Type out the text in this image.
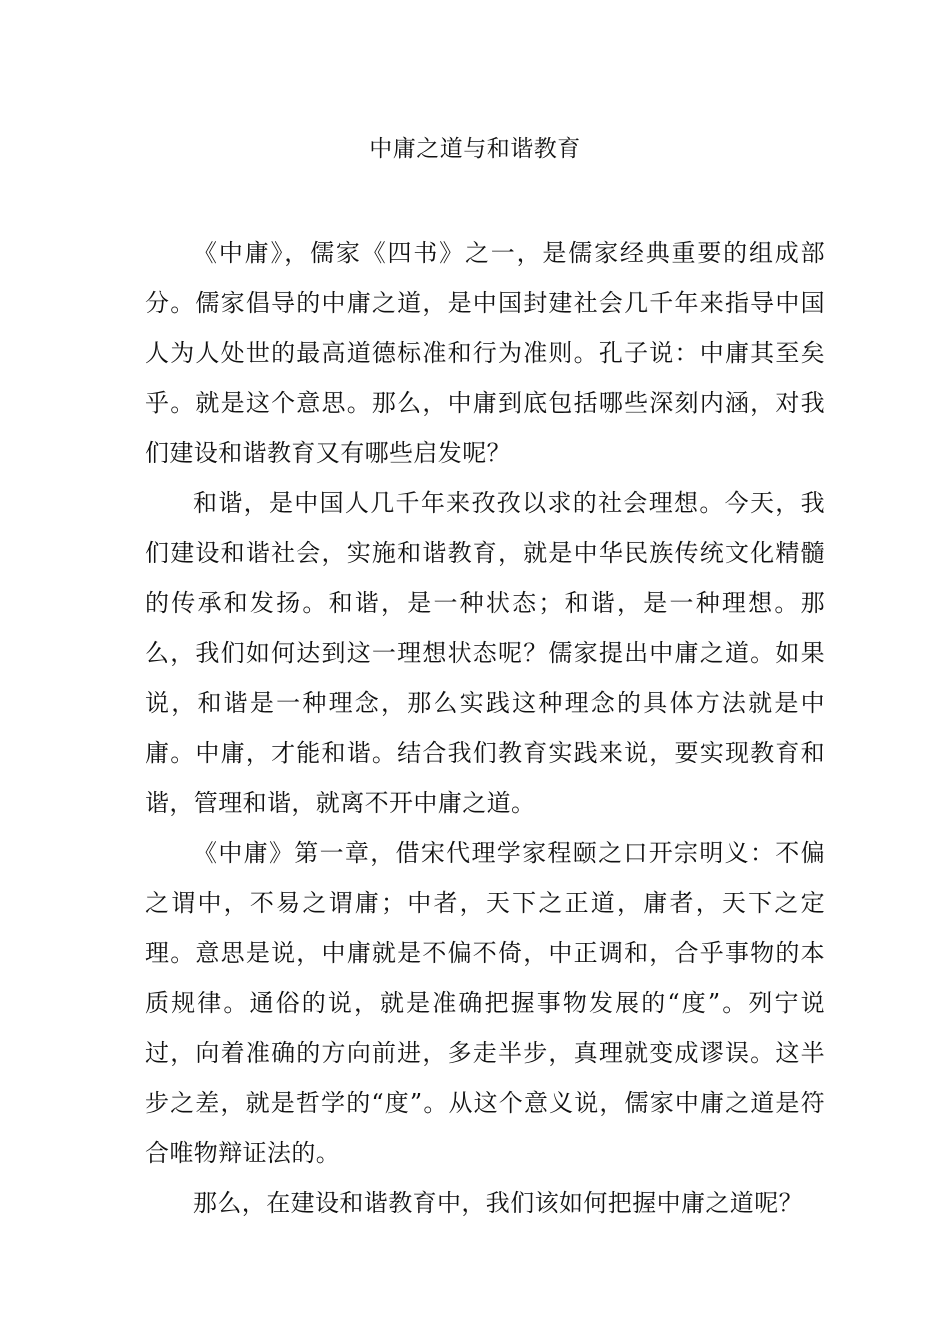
中庸之道与和谐教育

《中庸》，儒家《四书》之一，是儒家经典重要的组成部分。儒家倡导的中庸之道，是中国封建社会几千年来指导中国人为人处世的最高道德标准和行为准则。孔子说：中庸其至矣乎。就是这个意思。那么，中庸到底包括哪些深刻内涵，对我们建设和谐教育又有哪些启发呢？

和谐，是中国人几千年来孜孜以求的社会理想。今天，我们建设和谐社会，实施和谐教育，就是中华民族传统文化精髓的传承和发扬。和谐，是一种状态；和谐，是一种理想。那么，我们如何达到这一理想状态呢？儒家提出中庸之道。如果说，和谐是一种理念，那么实践这种理念的具体方法就是中庸。中庸，才能和谐。结合我们教育实践来说，要实现教育和谐，管理和谐，就离不开中庸之道。

《中庸》第一章，借宋代理学家程颐之口开宗明义：不偏之谓中，不易之谓庸；中者，天下之正道，庸者，天下之定理。意思是说，中庸就是不偏不倚，中正调和，合乎事物的本质规律。通俗的说，就是准确把握事物发展的“度”。列宁说过，向着准确的方向前进，多走半步，真理就变成谬误。这半步之差，就是哲学的“度”。从这个意义说，儒家中庸之道是符合唯物辩证法的。

那么，在建设和谐教育中，我们该如何把握中庸之道呢？
